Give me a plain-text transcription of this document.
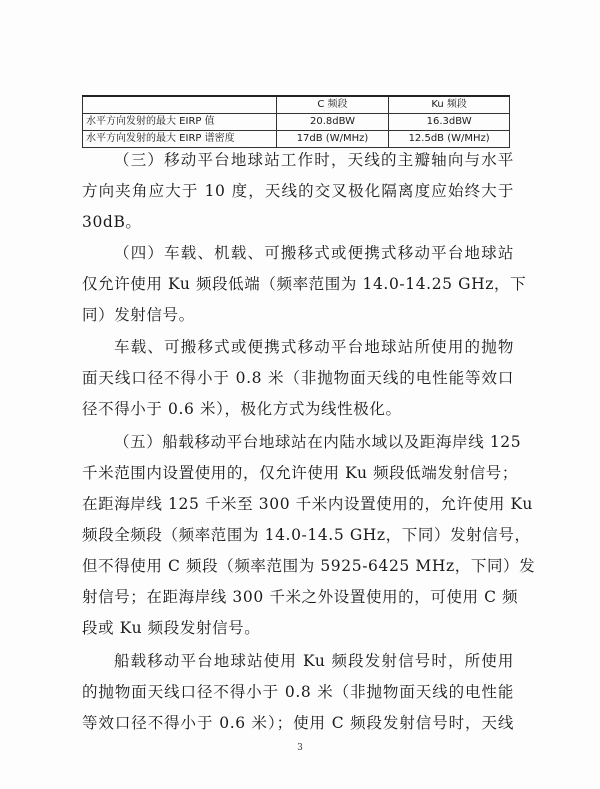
	C 频段	Ku 频段
水平方向发射的最大 EIRP 值	20.8dBW	16.3dBW
水平方向发射的最大 EIRP 谱密度	17dB (W/MHz)	12.5dB (W/MHz)
（三）移动平台地球站工作时，天线的主瓣轴向与水平
方向夹角应大于 10 度，天线的交叉极化隔离度应始终大于
30dB。
（四）车载、机载、可搬移式或便携式移动平台地球站
仅允许使用 Ku 频段低端（频率范围为 14.0-14.25 GHz，下
同）发射信号。
车载、可搬移式或便携式移动平台地球站所使用的抛物
面天线口径不得小于 0.8 米（非抛物面天线的电性能等效口
径不得小于 0.6 米），极化方式为线性极化。
（五）船载移动平台地球站在内陆水域以及距海岸线 125
千米范围内设置使用的，仅允许使用 Ku 频段低端发射信号；
在距海岸线 125 千米至 300 千米内设置使用的，允许使用 Ku
频段全频段（频率范围为 14.0-14.5 GHz，下同）发射信号，
但不得使用 C 频段（频率范围为 5925-6425 MHz，下同）发
射信号；在距海岸线 300 千米之外设置使用的，可使用 C 频
段或 Ku 频段发射信号。
船载移动平台地球站使用 Ku 频段发射信号时，所使用
的抛物面天线口径不得小于 0.8 米（非抛物面天线的电性能
等效口径不得小于 0.6 米）；使用 C 频段发射信号时，天线
3
